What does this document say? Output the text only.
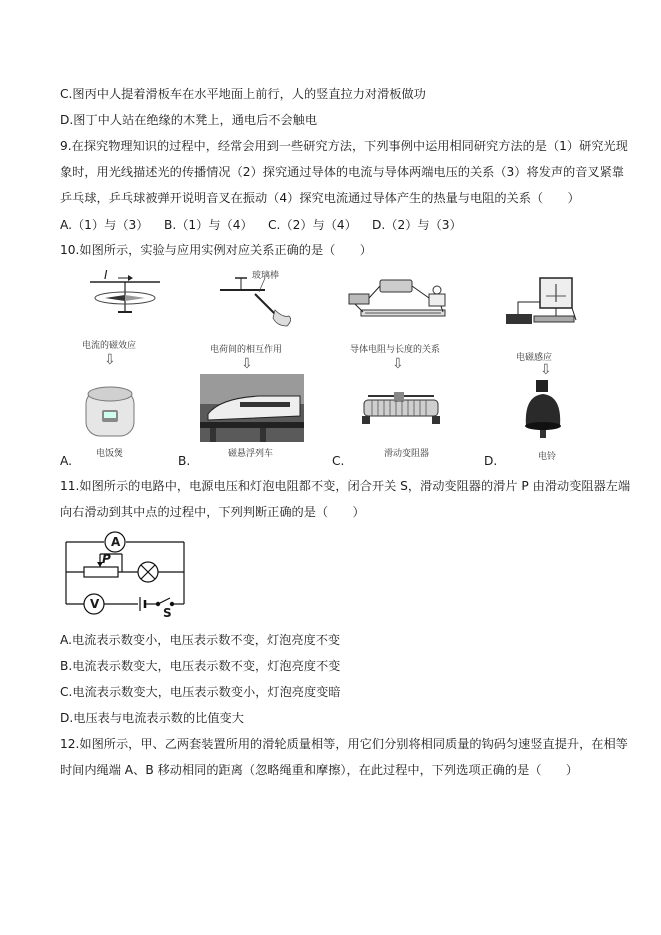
C.图丙中人提着滑板车在水平地面上前行，人的竖直拉力对滑板做功
D.图丁中人站在绝缘的木凳上，通电后不会触电
9.在探究物理知识的过程中，经常会用到一些研究方法，下列事例中运用相同研究方法的是（1）研究光现
象时，用光线描述光的传播情况（2）探究通过导体的电流与导体两端电压的关系（3）将发声的音叉紧靠
乒乓球，乒乓球被弹开说明音叉在振动（4）探究电流通过导体产生的热量与电阻的关系（　　）
A.（1）与（3） B.（1）与（4） C.（2）与（4） D.（2）与（3）
10.如图所示，实验与应用实例对应关系正确的是（　　）
I	玻璃棒
电流的磁效应	电荷间的相互作用	导体电阻与长度的关系
电磁感应
⇩	⇩	⇩	⇩
电饭煲	磁悬浮列车	滑动变阻器	电铃
A.	B.	C.	D.
11.如图所示的电路中，电源电压和灯泡电阻都不变，闭合开关 S，滑动变阻器的滑片 P 由滑动变阻器左端
向右滑动到其中点的过程中，下列判断正确的是（　　）
A
V
P
S
A.电流表示数变小，电压表示数不变，灯泡亮度不变
B.电流表示数变大，电压表示数不变，灯泡亮度不变
C.电流表示数变大，电压表示数变小，灯泡亮度变暗
D.电压表与电流表示数的比值变大
12.如图所示，甲、乙两套装置所用的滑轮质量相等，用它们分别将相同质量的钩码匀速竖直提升，在相等
时间内绳端 A、B 移动相同的距离（忽略绳重和摩擦），在此过程中，下列选项正确的是（　　）
